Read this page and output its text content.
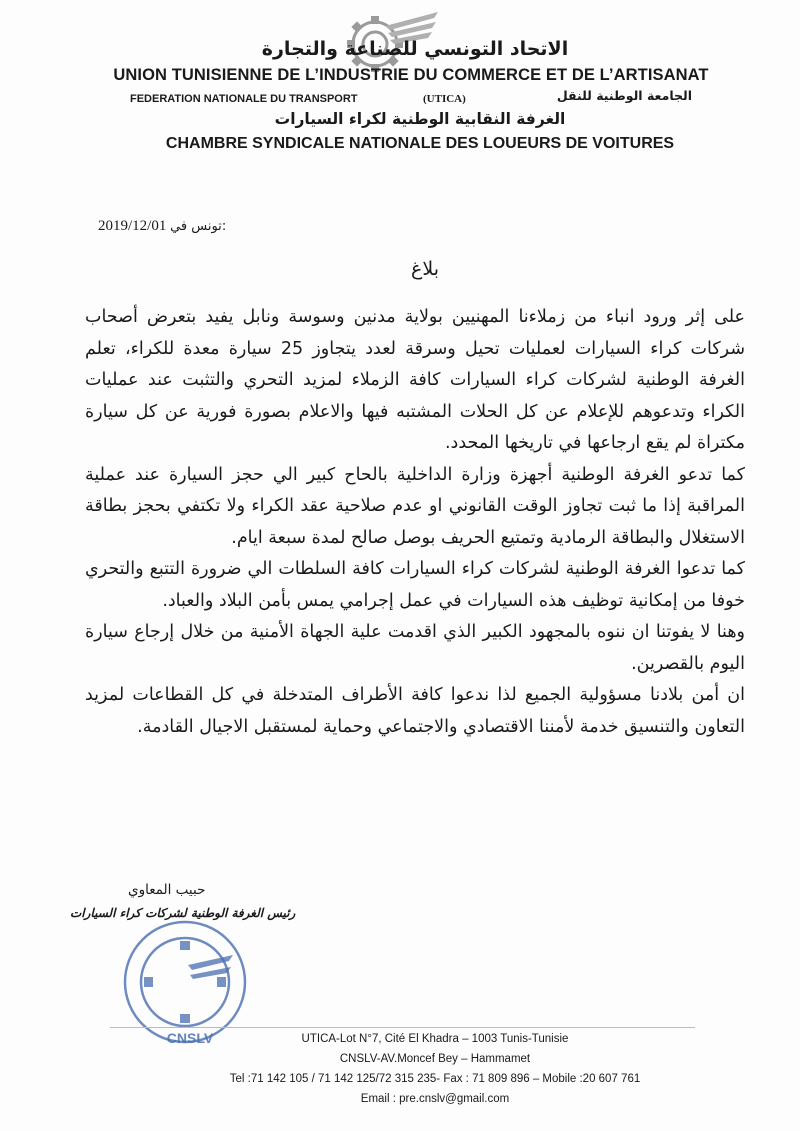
الاتحاد التونسي للصناعة والتجارة
UNION TUNISIENNE DE L’INDUSTRIE DU COMMERCE ET DE L’ARTISANAT
FEDERATION NATIONALE DU TRANSPORT	(UTICA)	الجامعة الوطنية للنقل
الغرفة النقابية الوطنية لكراء السيارات
CHAMBRE SYNDICALE NATIONALE DES LOUEURS DE VOITURES
2019/12/01 تونس في:
بلاغ

على إثر ورود انباء من زملاءنا المهنيين بولاية مدنين وسوسة ونابل يفيد بتعرض أصحاب شركات كراء السيارات لعمليات تحيل وسرقة لعدد يتجاوز 25 سيارة معدة للكراء، تعلم الغرفة الوطنية لشركات كراء السيارات كافة الزملاء لمزيد التحري والتثبت عند عمليات الكراء وتدعوهم للإعلام عن كل الحلات المشتبه فيها والاعلام بصورة فورية عن كل سيارة مكتراة لم يقع ارجاعها في تاريخها المحدد.

كما تدعو الغرفة الوطنية أجهزة وزارة الداخلية بالحاح كبير الي حجز السيارة عند عملية المراقبة إذا ما ثبت تجاوز الوقت القانوني او عدم صلاحية عقد الكراء ولا تكتفي بحجز بطاقة الاستغلال والبطاقة الرمادية وتمتيع الحريف بوصل صالح لمدة سبعة ايام.

كما تدعوا الغرفة الوطنية لشركات كراء السيارات كافة السلطات الي ضرورة التتبع والتحري خوفا من إمكانية توظيف هذه السيارات في عمل إجرامي يمس بأمن البلاد والعباد.

وهنا لا يفوتنا ان ننوه بالمجهود الكبير الذي اقدمت علية الجهاة الأمنية من خلال إرجاع سيارة اليوم بالقصرين.

ان أمن بلادنا مسؤولية الجميع لذا ندعوا كافة الأطراف المتدخلة في كل القطاعات لمزيد التعاون والتنسيق خدمة لأمننا الاقتصادي والاجتماعي وحماية لمستقبل الاجيال القادمة.

حبيب المعاوي
رئيس الغرفة الوطنية لشركات كراء السيارات
CNSLV	UTICA-Lot N°7, Cité El Khadra – 1003 Tunis-Tunisie
CNSLV-AV.Moncef Bey – Hammamet
Tel :71 142 105 / 71 142 125/72 315 235- Fax : 71 809 896 – Mobile :20 607 761
Email : pre.cnslv@gmail.com
